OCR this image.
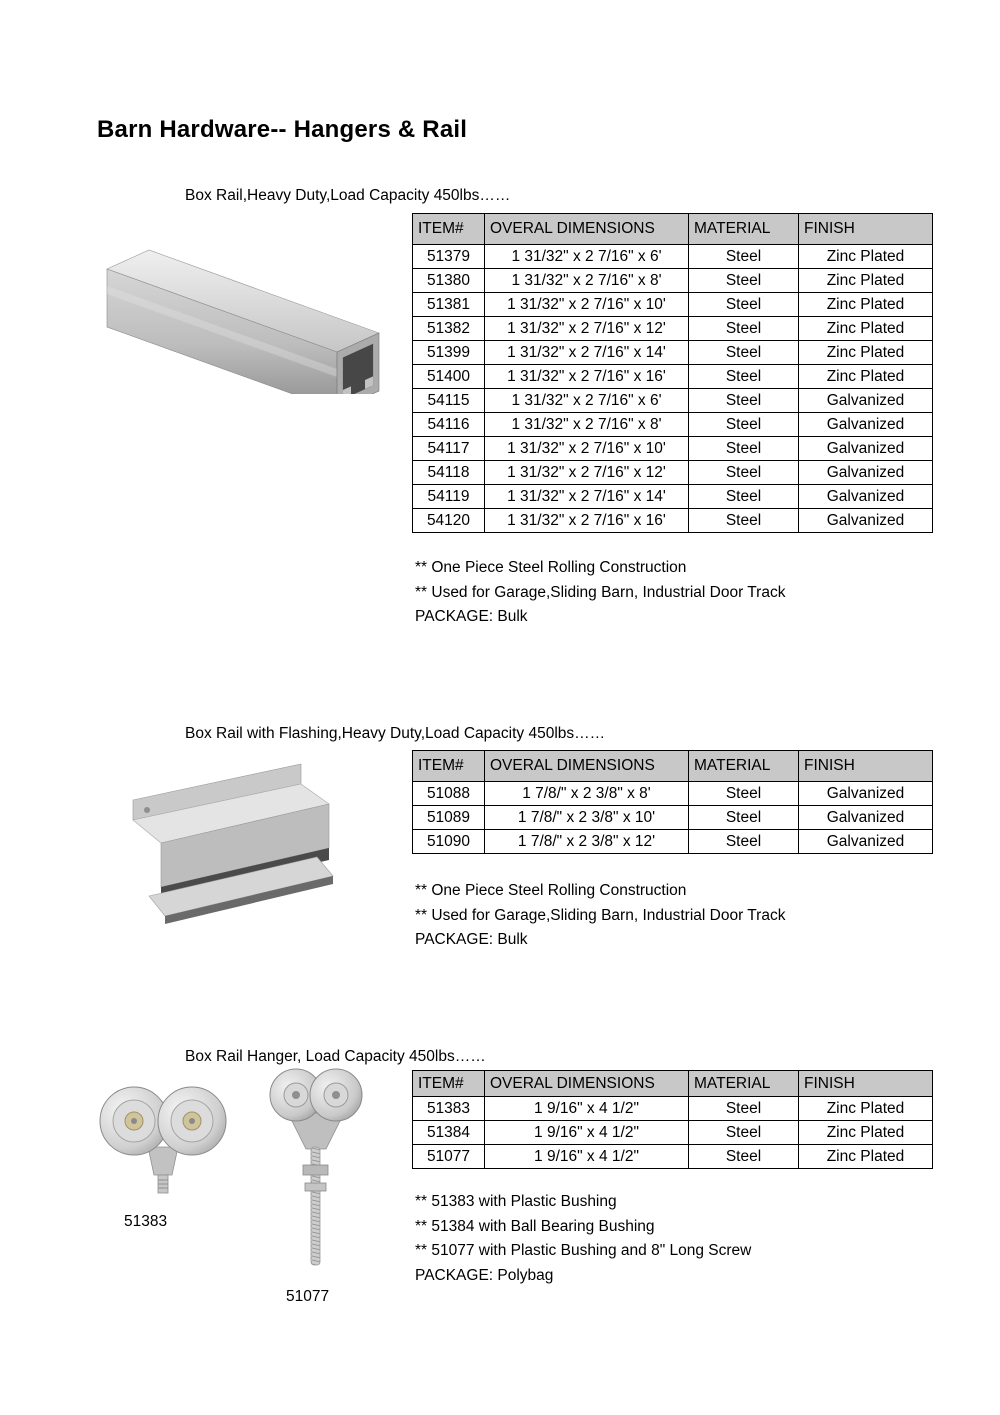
Barn Hardware-- Hangers & Rail
Box Rail,Heavy Duty,Load Capacity 450lbs……
ITEM#	OVERAL DIMENSIONS	MATERIAL	FINISH
51379	1 31/32" x 2 7/16" x 6'	Steel	Zinc Plated
51380	1 31/32" x 2 7/16" x 8'	Steel	Zinc Plated
51381	1 31/32" x 2 7/16" x 10'	Steel	Zinc Plated
51382	1 31/32" x 2 7/16" x 12'	Steel	Zinc Plated
51399	1 31/32" x 2 7/16" x 14'	Steel	Zinc Plated
51400	1 31/32" x 2 7/16" x 16'	Steel	Zinc Plated
54115	1 31/32" x 2 7/16" x 6'	Steel	Galvanized
54116	1 31/32" x 2 7/16" x 8'	Steel	Galvanized
54117	1 31/32" x 2 7/16" x 10'	Steel	Galvanized
54118	1 31/32" x 2 7/16" x 12'	Steel	Galvanized
54119	1 31/32" x 2 7/16" x 14'	Steel	Galvanized
54120	1 31/32" x 2 7/16" x 16'	Steel	Galvanized
** One Piece Steel Rolling Construction
** Used for Garage,Sliding Barn, Industrial Door Track
PACKAGE: Bulk
Box Rail with Flashing,Heavy Duty,Load Capacity 450lbs……
ITEM#	OVERAL DIMENSIONS	MATERIAL	FINISH
51088	1 7/8/" x 2 3/8" x 8'	Steel	Galvanized
51089	1 7/8/" x 2 3/8" x 10'	Steel	Galvanized
51090	1 7/8/" x 2 3/8" x 12'	Steel	Galvanized
** One Piece Steel Rolling Construction
** Used for Garage,Sliding Barn, Industrial Door Track
PACKAGE: Bulk
Box Rail Hanger, Load Capacity 450lbs……
ITEM#	OVERAL DIMENSIONS	MATERIAL	FINISH
51383	1 9/16" x 4 1/2"	Steel	Zinc Plated
51384	1 9/16" x 4 1/2"	Steel	Zinc Plated
51077	1 9/16" x 4 1/2"	Steel	Zinc Plated
** 51383 with Plastic Bushing
** 51384 with Ball Bearing Bushing
** 51077 with Plastic Bushing and 8" Long Screw
PACKAGE: Polybag
51383
51077
